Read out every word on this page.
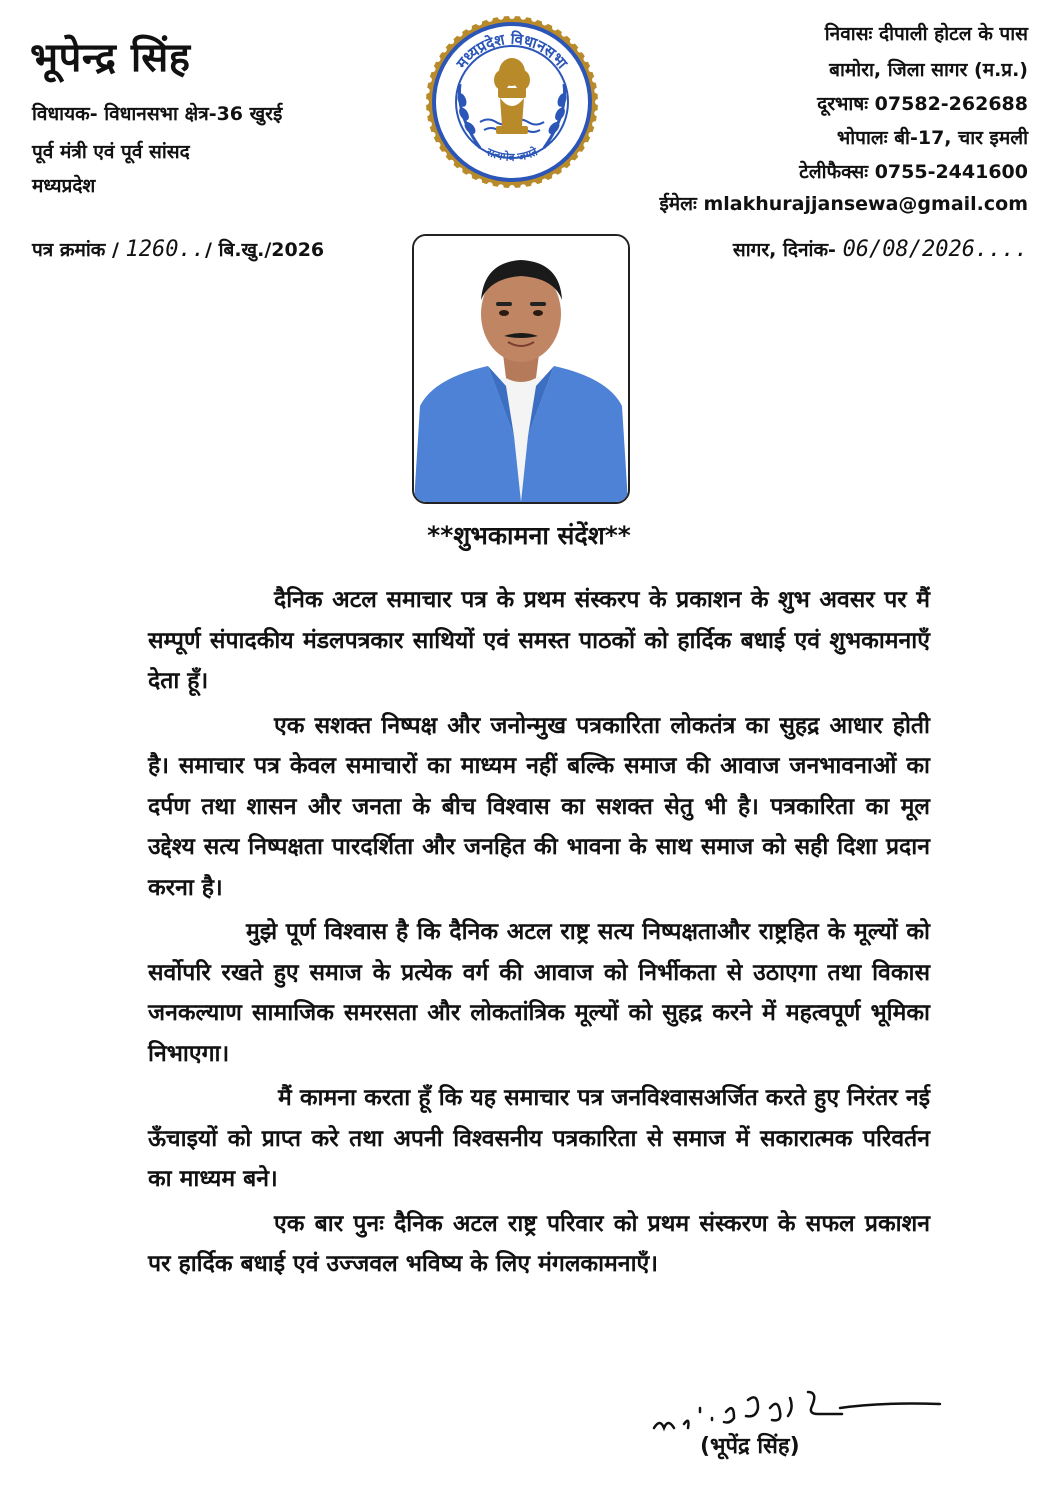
भूपेन्द्र सिंह
विधायक- विधानसभा क्षेत्र-36 खुरई
पूर्व मंत्री एवं पूर्व सांसद
मध्यप्रदेश
निवासः दीपाली होटल के पास
बामोरा, जिला सागर (म.प्र.)
दूरभाषः 07582-262688
भोपालः बी-17, चार इमली
टेलीफैक्सः 0755-2441600
ईमेलः mlakhurajjansewa@gmail.com
मध्यप्रदेश विधानसभा
सत्यमेव जयते
पत्र क्रमांक / 1260../ बि.खु./2026	सागर, दिनांक- 06/08/2026....
**शुभकामना संदेंश**

दैनिक अटल समाचार पत्र के प्रथम संस्करप के प्रकाशन के शुभ अवसर पर मैं सम्पूर्ण संपादकीय मंडलपत्रकार साथियों एवं समस्त पाठकों को हार्दिक बधाई एवं शुभकामनाएँ देता हूँ।

एक सशक्त निष्पक्ष और जनोन्मुख पत्रकारिता लोकतंत्र का सुहद्र आधार होती है। समाचार पत्र केवल समाचारों का माध्यम नहीं बल्कि समाज की आवाज जनभावनाओं का दर्पण तथा शासन और जनता के बीच विश्वास का सशक्त सेतु भी है। पत्रकारिता का मूल उद्देश्य सत्य निष्पक्षता पारदर्शिता और जनहित की भावना के साथ समाज को सही दिशा प्रदान करना है।

मुझे पूर्ण विश्वास है कि दैनिक अटल राष्ट्र सत्य निष्पक्षताऔर राष्ट्रहित के मूल्यों को सर्वोपरि रखते हुए समाज के प्रत्येक वर्ग की आवाज को निर्भीकता से उठाएगा तथा विकास जनकल्याण सामाजिक समरसता और लोकतांत्रिक मूल्यों को सुहद्र करने में महत्वपूर्ण भूमिका निभाएगा।

मैं कामना करता हूँ कि यह समाचार पत्र जनविश्वासअर्जित करते हुए निरंतर नई ऊँचाइयों को प्राप्त करे तथा अपनी विश्वसनीय पत्रकारिता से समाज में सकारात्मक परिवर्तन का माध्यम बने।

एक बार पुनः दैनिक अटल राष्ट्र परिवार को प्रथम संस्करण के सफल प्रकाशन पर हार्दिक बधाई एवं उज्जवल भविष्य के लिए मंगलकामनाएँ।

(भूपेंद्र सिंह)
